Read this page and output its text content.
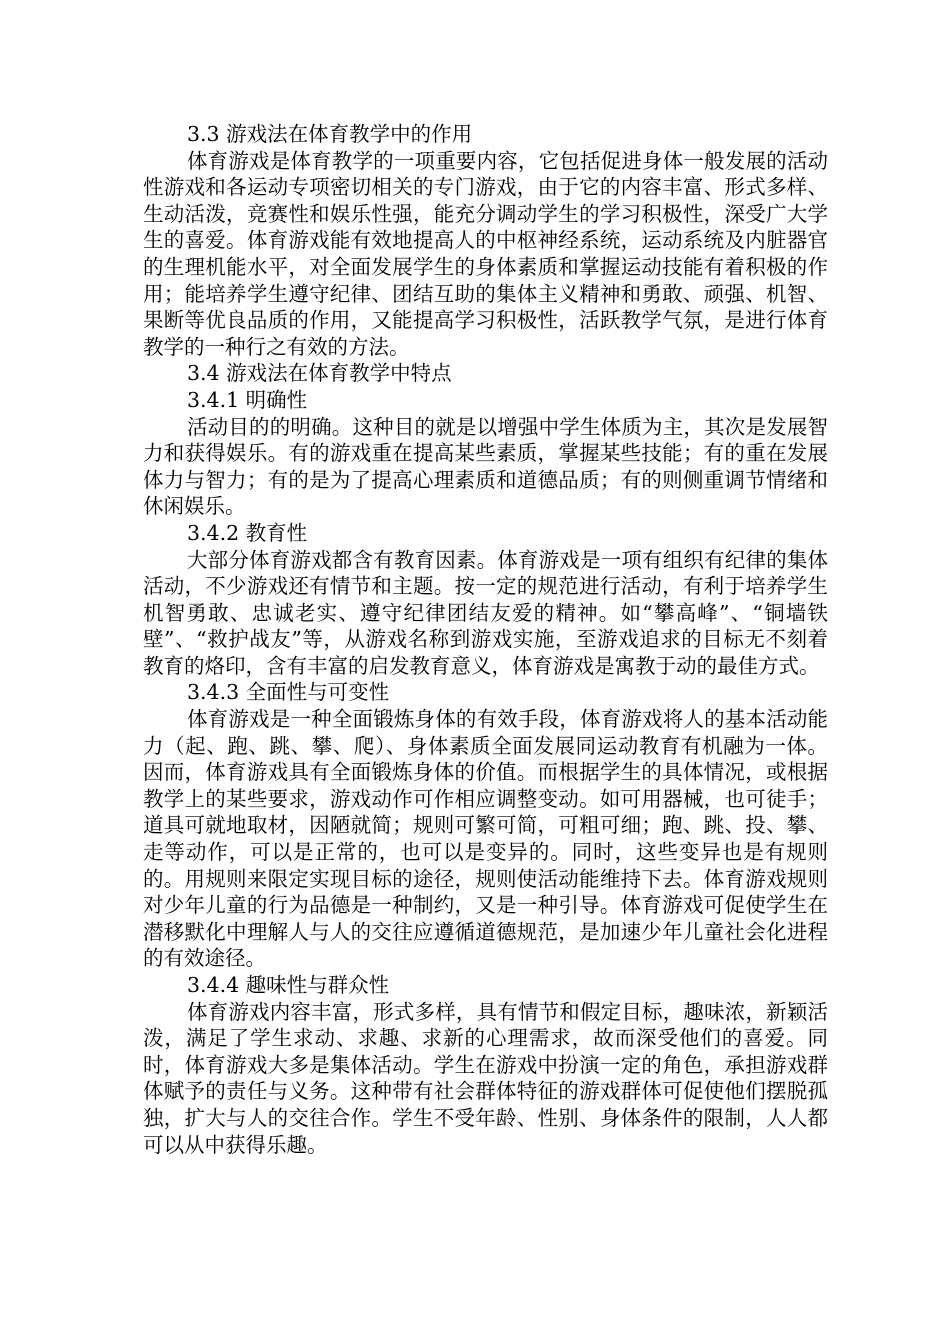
3.3 游戏法在体育教学中的作用

体育游戏是体育教学的一项重要内容，它包括促进身体一般发展的活动性游戏和各运动专项密切相关的专门游戏，由于它的内容丰富、形式多样、生动活泼，竞赛性和娱乐性强，能充分调动学生的学习积极性，深受广大学生的喜爱。体育游戏能有效地提高人的中枢神经系统，运动系统及内脏器官的生理机能水平，对全面发展学生的身体素质和掌握运动技能有着积极的作用；能培养学生遵守纪律、团结互助的集体主义精神和勇敢、顽强、机智、果断等优良品质的作用，又能提高学习积极性，活跃教学气氛，是进行体育教学的一种行之有效的方法。

3.4 游戏法在体育教学中特点

3.4.1 明确性

活动目的的明确。这种目的就是以增强中学生体质为主，其次是发展智力和获得娱乐。有的游戏重在提高某些素质，掌握某些技能；有的重在发展体力与智力；有的是为了提高心理素质和道德品质；有的则侧重调节情绪和休闲娱乐。

3.4.2 教育性

大部分体育游戏都含有教育因素。体育游戏是一项有组织有纪律的集体活动，不少游戏还有情节和主题。按一定的规范进行活动，有利于培养学生机智勇敢、忠诚老实、遵守纪律团结友爱的精神。如“攀高峰”、“铜墙铁壁”、“救护战友”等，从游戏名称到游戏实施，至游戏追求的目标无不刻着教育的烙印，含有丰富的启发教育意义，体育游戏是寓教于动的最佳方式。

3.4.3 全面性与可变性

体育游戏是一种全面锻炼身体的有效手段，体育游戏将人的基本活动能力（起、跑、跳、攀、爬）、身体素质全面发展同运动教育有机融为一体。因而，体育游戏具有全面锻炼身体的价值。而根据学生的具体情况，或根据教学上的某些要求，游戏动作可作相应调整变动。如可用器械，也可徒手；道具可就地取材，因陋就简；规则可繁可简，可粗可细；跑、跳、投、攀、走等动作，可以是正常的，也可以是变异的。同时，这些变异也是有规则的。用规则来限定实现目标的途径，规则使活动能维持下去。体育游戏规则对少年儿童的行为品德是一种制约，又是一种引导。体育游戏可促使学生在潜移默化中理解人与人的交往应遵循道德规范，是加速少年儿童社会化进程的有效途径。

3.4.4 趣味性与群众性

体育游戏内容丰富，形式多样，具有情节和假定目标，趣味浓，新颖活泼，满足了学生求动、求趣、求新的心理需求，故而深受他们的喜爱。同时，体育游戏大多是集体活动。学生在游戏中扮演一定的角色，承担游戏群体赋予的责任与义务。这种带有社会群体特征的游戏群体可促使他们摆脱孤独，扩大与人的交往合作。学生不受年龄、性别、身体条件的限制，人人都可以从中获得乐趣。
